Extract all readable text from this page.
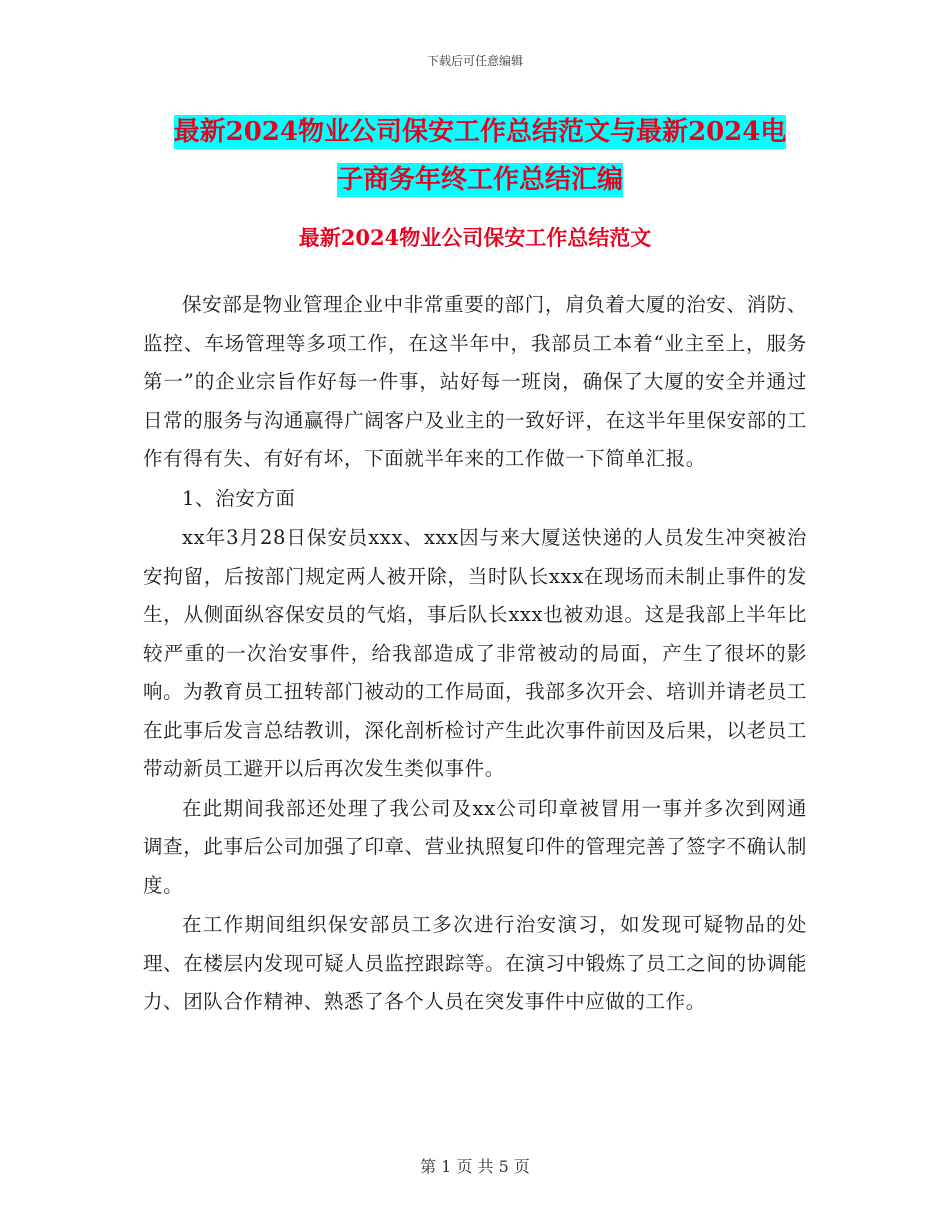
下载后可任意编辑
最新2024物业公司保安工作总结范文与最新2024电
子商务年终工作总结汇编
最新2024物业公司保安工作总结范文

保安部是物业管理企业中非常重要的部门，肩负着大厦的治安、消防、监控、车场管理等多项工作，在这半年中，我部员工本着“业主至上，服务第一”的企业宗旨作好每一件事，站好每一班岗，确保了大厦的安全并通过日常的服务与沟通赢得广阔客户及业主的一致好评，在这半年里保安部的工作有得有失、有好有坏，下面就半年来的工作做一下简单汇报。

1、治安方面

xx年3月28日保安员xxx、xxx因与来大厦送快递的人员发生冲突被治安拘留，后按部门规定两人被开除，当时队长xxx在现场而未制止事件的发生，从侧面纵容保安员的气焰，事后队长xxx也被劝退。这是我部上半年比较严重的一次治安事件，给我部造成了非常被动的局面，产生了很坏的影响。为教育员工扭转部门被动的工作局面，我部多次开会、培训并请老员工在此事后发言总结教训，深化剖析检讨产生此次事件前因及后果，以老员工带动新员工避开以后再次发生类似事件。

在此期间我部还处理了我公司及xx公司印章被冒用一事并多次到网通调查，此事后公司加强了印章、营业执照复印件的管理完善了签字不确认制度。

在工作期间组织保安部员工多次进行治安演习，如发现可疑物品的处理、在楼层内发现可疑人员监控跟踪等。在演习中锻炼了员工之间的协调能力、团队合作精神、熟悉了各个人员在突发事件中应做的工作。

第 1 页 共 5 页
